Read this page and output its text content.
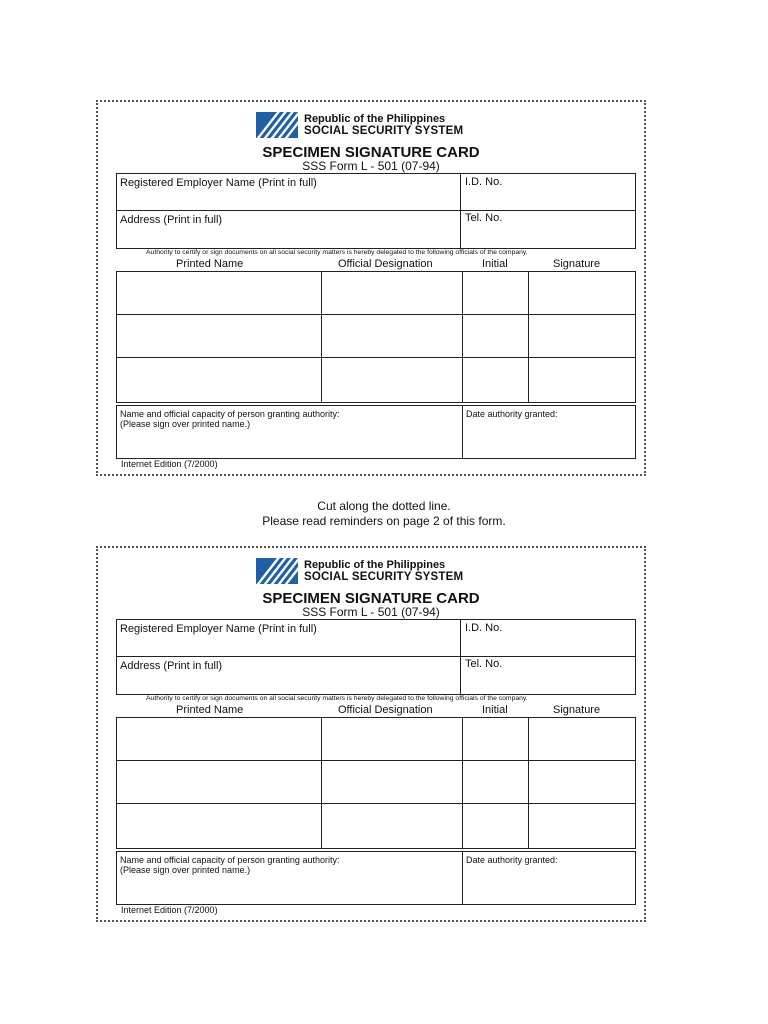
Republic of the Philippines
SOCIAL SECURITY SYSTEM
SPECIMEN SIGNATURE CARD
SSS Form L - 501 (07-94)
Registered Employer Name (Print in full)	I.D. No.
Address (Print in full)	Tel. No.
Authority to certify or sign documents on all social security matters is hereby delegated to the following officials of the company.
Printed Name	Official Designation	Initial	Signature
Name and official capacity of person granting authority:
(Please sign over printed name.)
Date authority granted:
Internet Edition (7/2000)
Cut along the dotted line.
Please read reminders on page 2 of this form.
Republic of the Philippines
SOCIAL SECURITY SYSTEM
SPECIMEN SIGNATURE CARD
SSS Form L - 501 (07-94)
Registered Employer Name (Print in full)	I.D. No.
Address (Print in full)	Tel. No.
Authority to certify or sign documents on all social security matters is hereby delegated to the following officials of the company.
Printed Name	Official Designation	Initial	Signature
Name and official capacity of person granting authority:
(Please sign over printed name.)
Date authority granted:
Internet Edition (7/2000)
